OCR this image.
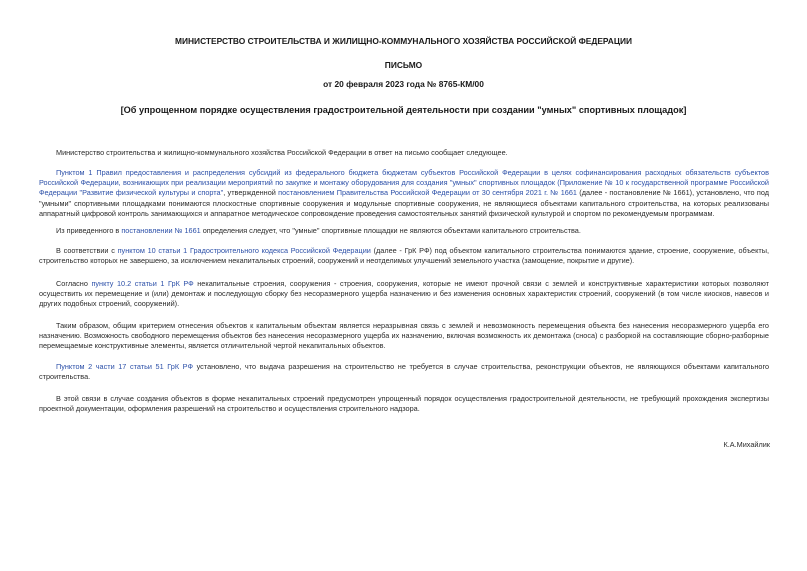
МИНИСТЕРСТВО СТРОИТЕЛЬСТВА И ЖИЛИЩНО-КОММУНАЛЬНОГО ХОЗЯЙСТВА РОССИЙСКОЙ ФЕДЕРАЦИИ
ПИСЬМО
от 20 февраля 2023 года № 8765-КМ/00
[Об упрощенном порядке осуществления градостроительной деятельности при создании "умных" спортивных площадок]

Министерство строительства и жилищно-коммунального хозяйства Российской Федерации в ответ на письмо сообщает следующее.

Пунктом 1 Правил предоставления и распределения субсидий из федерального бюджета бюджетам субъектов Российской Федерации в целях софинансирования расходных обязательств субъектов Российской Федерации, возникающих при реализации мероприятий по закупке и монтажу оборудования для создания "умных" спортивных площадок (Приложение № 10 к государственной программе Российской Федерации "Развитие физической культуры и спорта", утвержденной постановлением Правительства Российской Федерации от 30 сентября 2021 г. № 1661 (далее - постановление № 1661), установлено, что под "умными" спортивными площадками понимаются плоскостные спортивные сооружения и модульные спортивные сооружения, не являющиеся объектами капитального строительства, на которых реализованы аппаратный цифровой контроль занимающихся и аппаратное методическое сопровождение проведения самостоятельных занятий физической культурой и спортом по рекомендуемым программам.

Из приведенного в постановлении № 1661 определения следует, что "умные" спортивные площадки не являются объектами капитального строительства.

В соответствии с пунктом 10 статьи 1 Градостроительного кодекса Российской Федерации (далее - ГрК РФ) под объектом капитального строительства понимаются здание, строение, сооружение, объекты, строительство которых не завершено, за исключением некапитальных строений, сооружений и неотделимых улучшений земельного участка (замощение, покрытие и другие).

Согласно пункту 10.2 статьи 1 ГрК РФ некапитальные строения, сооружения - строения, сооружения, которые не имеют прочной связи с землей и конструктивные характеристики которых позволяют осуществить их перемещение и (или) демонтаж и последующую сборку без несоразмерного ущерба назначению и без изменения основных характеристик строений, сооружений (в том числе киосков, навесов и других подобных строений, сооружений).

Таким образом, общим критерием отнесения объектов к капитальным объектам является неразрывная связь с землей и невозможность перемещения объекта без нанесения несоразмерного ущерба его назначению. Возможность свободного перемещения объектов без нанесения несоразмерного ущерба их назначению, включая возможность их демонтажа (сноса) с разборкой на составляющие сборно-разборные перемещаемые конструктивные элементы, является отличительной чертой некапитальных объектов.

Пунктом 2 части 17 статьи 51 ГрК РФ установлено, что выдача разрешения на строительство не требуется в случае строительства, реконструкции объектов, не являющихся объектами капитального строительства.

В этой связи в случае создания объектов в форме некапитальных строений предусмотрен упрощенный порядок осуществления градостроительной деятельности, не требующий прохождения экспертизы проектной документации, оформления разрешений на строительство и осуществления строительного надзора.

К.А.Михайлик
